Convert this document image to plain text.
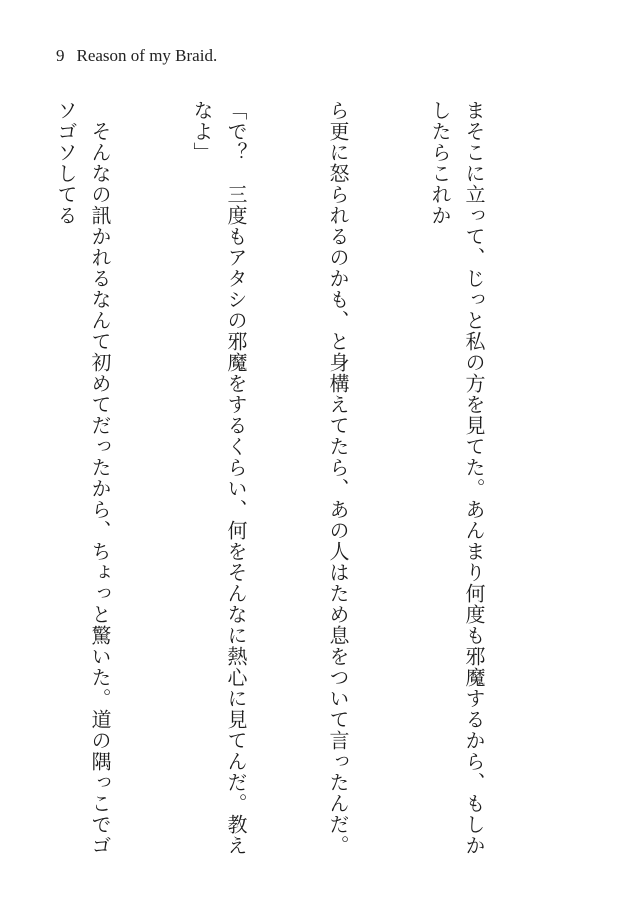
9 Reason of my Braid.

まそこに立って、じっと私の方を見てた。あんまり何度も邪魔するから、もしかしたらこれか

ら更に怒られるのかも、と身構えてたら、あの人はため息をついて言ったんだ。

「で？　三度もアタシの邪魔をするくらい、何をそんなに熱心に見てんだ。教えなよ」

　そんなの訊かれるなんて初めてだったから、ちょっと驚いた。道の隅っこでゴソゴソしてる
